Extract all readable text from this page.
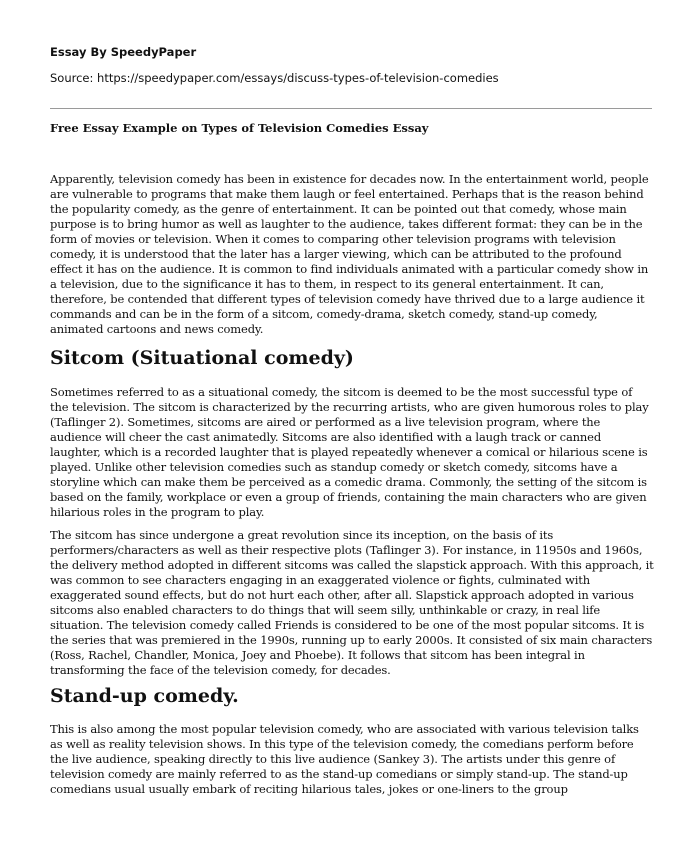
Essay By SpeedyPaper

Source: https://speedypaper.com/essays/discuss-types-of-television-comedies

Free Essay Example on Types of Television Comedies Essay

Apparently, television comedy has been in existence for decades now. In the entertainment world, people are vulnerable to programs that make them laugh or feel entertained. Perhaps that is the reason behind the popularity comedy, as the genre of entertainment. It can be pointed out that comedy, whose main purpose is to bring humor as well as laughter to the audience, takes different format: they can be in the form of movies or television. When it comes to comparing other television programs with television comedy, it is understood that the later has a larger viewing, which can be attributed to the profound effect it has on the audience. It is common to find individuals animated with a particular comedy show in a television, due to the significance it has to them, in respect to its general entertainment. It can, therefore, be contended that different types of television comedy have thrived due to a large audience it commands and can be in the form of a sitcom, comedy-drama, sketch comedy, stand-up comedy, animated cartoons and news comedy.

Sitcom (Situational comedy)

Sometimes referred to as a situational comedy, the sitcom is deemed to be the most successful type of the television. The sitcom is characterized by the recurring artists, who are given humorous roles to play (Taflinger 2). Sometimes, sitcoms are aired or performed as a live television program, where the audience will cheer the cast animatedly. Sitcoms are also identified with a laugh track or canned laughter, which is a recorded laughter that is played repeatedly whenever a comical or hilarious scene is played. Unlike other television comedies such as standup comedy or sketch comedy, sitcoms have a storyline which can make them be perceived as a comedic drama. Commonly, the setting of the sitcom is based on the family, workplace or even a group of friends, containing the main characters who are given hilarious roles in the program to play.

The sitcom has since undergone a great revolution since its inception, on the basis of its performers/characters as well as their respective plots (Taflinger 3). For instance, in 11950s and 1960s, the delivery method adopted in different sitcoms was called the slapstick approach. With this approach, it was common to see characters engaging in an exaggerated violence or fights, culminated with exaggerated sound effects, but do not hurt each other, after all. Slapstick approach adopted in various sitcoms also enabled characters to do things that will seem silly, unthinkable or crazy, in real life situation. The television comedy called Friends is considered to be one of the most popular sitcoms. It is the series that was premiered in the 1990s, running up to early 2000s. It consisted of six main characters (Ross, Rachel, Chandler, Monica, Joey and Phoebe). It follows that sitcom has been integral in transforming the face of the television comedy, for decades.

Stand-up comedy.

This is also among the most popular television comedy, who are associated with various television talks as well as reality television shows. In this type of the television comedy, the comedians perform before the live audience, speaking directly to this live audience (Sankey 3). The artists under this genre of television comedy are mainly referred to as the stand-up comedians or simply stand-up. The stand-up comedians usual usually embark of reciting hilarious tales, jokes or one-liners to the group
